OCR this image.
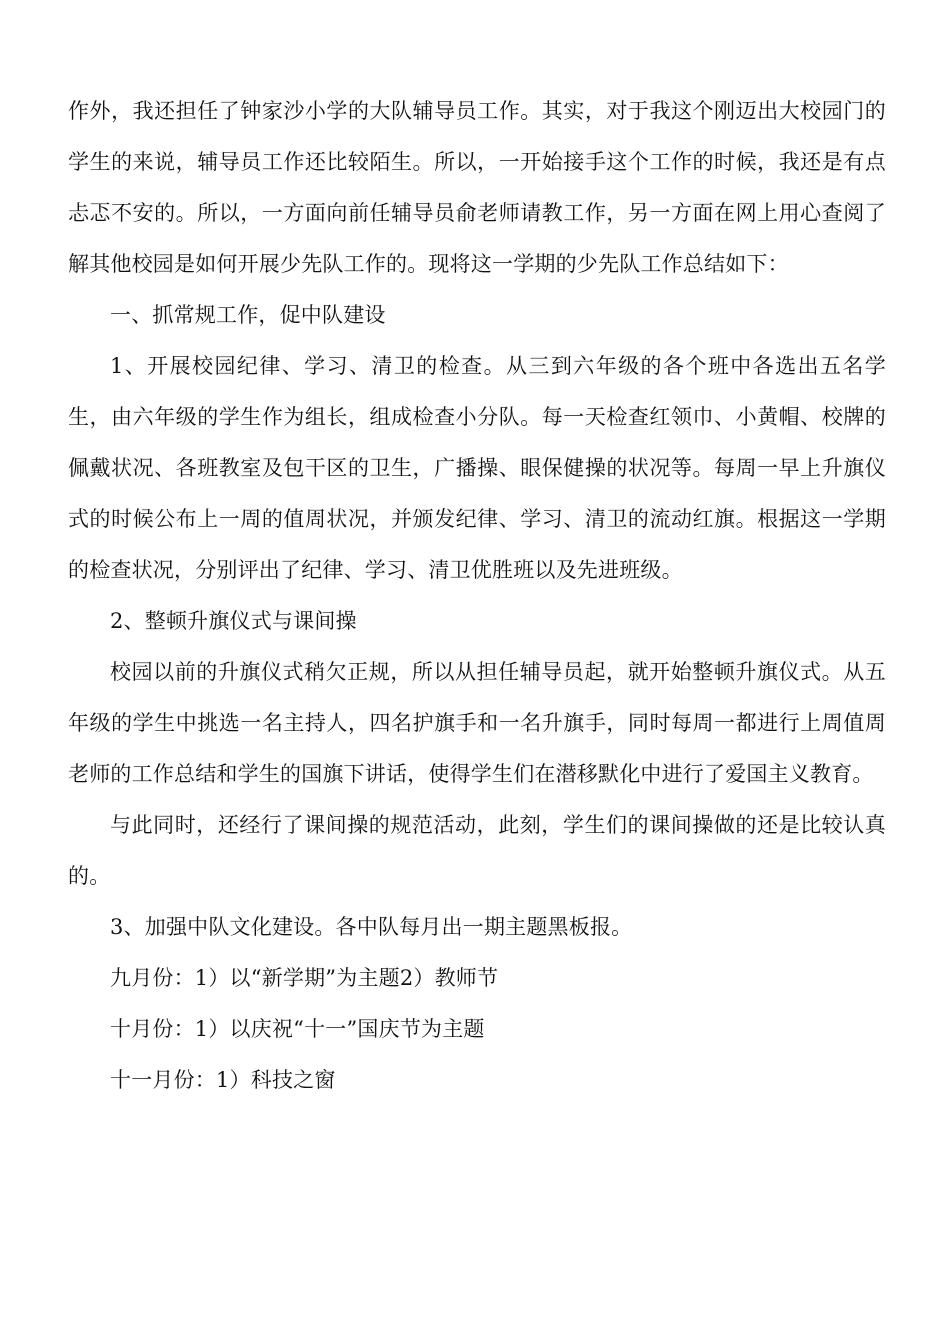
作外，我还担任了钟家沙小学的大队辅导员工作。其实，对于我这个刚迈出大校园门的学生的来说，辅导员工作还比较陌生。所以，一开始接手这个工作的时候，我还是有点忐忑不安的。所以，一方面向前任辅导员俞老师请教工作，另一方面在网上用心查阅了解其他校园是如何开展少先队工作的。现将这一学期的少先队工作总结如下：

一、抓常规工作，促中队建设

1、开展校园纪律、学习、清卫的检查。从三到六年级的各个班中各选出五名学生，由六年级的学生作为组长，组成检查小分队。每一天检查红领巾、小黄帽、校牌的佩戴状况、各班教室及包干区的卫生，广播操、眼保健操的状况等。每周一早上升旗仪式的时候公布上一周的值周状况，并颁发纪律、学习、清卫的流动红旗。根据这一学期的检查状况，分别评出了纪律、学习、清卫优胜班以及先进班级。

2、整顿升旗仪式与课间操

校园以前的升旗仪式稍欠正规，所以从担任辅导员起，就开始整顿升旗仪式。从五年级的学生中挑选一名主持人，四名护旗手和一名升旗手，同时每周一都进行上周值周老师的工作总结和学生的国旗下讲话，使得学生们在潜移默化中进行了爱国主义教育。

与此同时，还经行了课间操的规范活动，此刻，学生们的课间操做的还是比较认真的。

3、加强中队文化建设。各中队每月出一期主题黑板报。

九月份：1）以“新学期”为主题2）教师节

十月份：1）以庆祝“十一”国庆节为主题

十一月份：1）科技之窗
